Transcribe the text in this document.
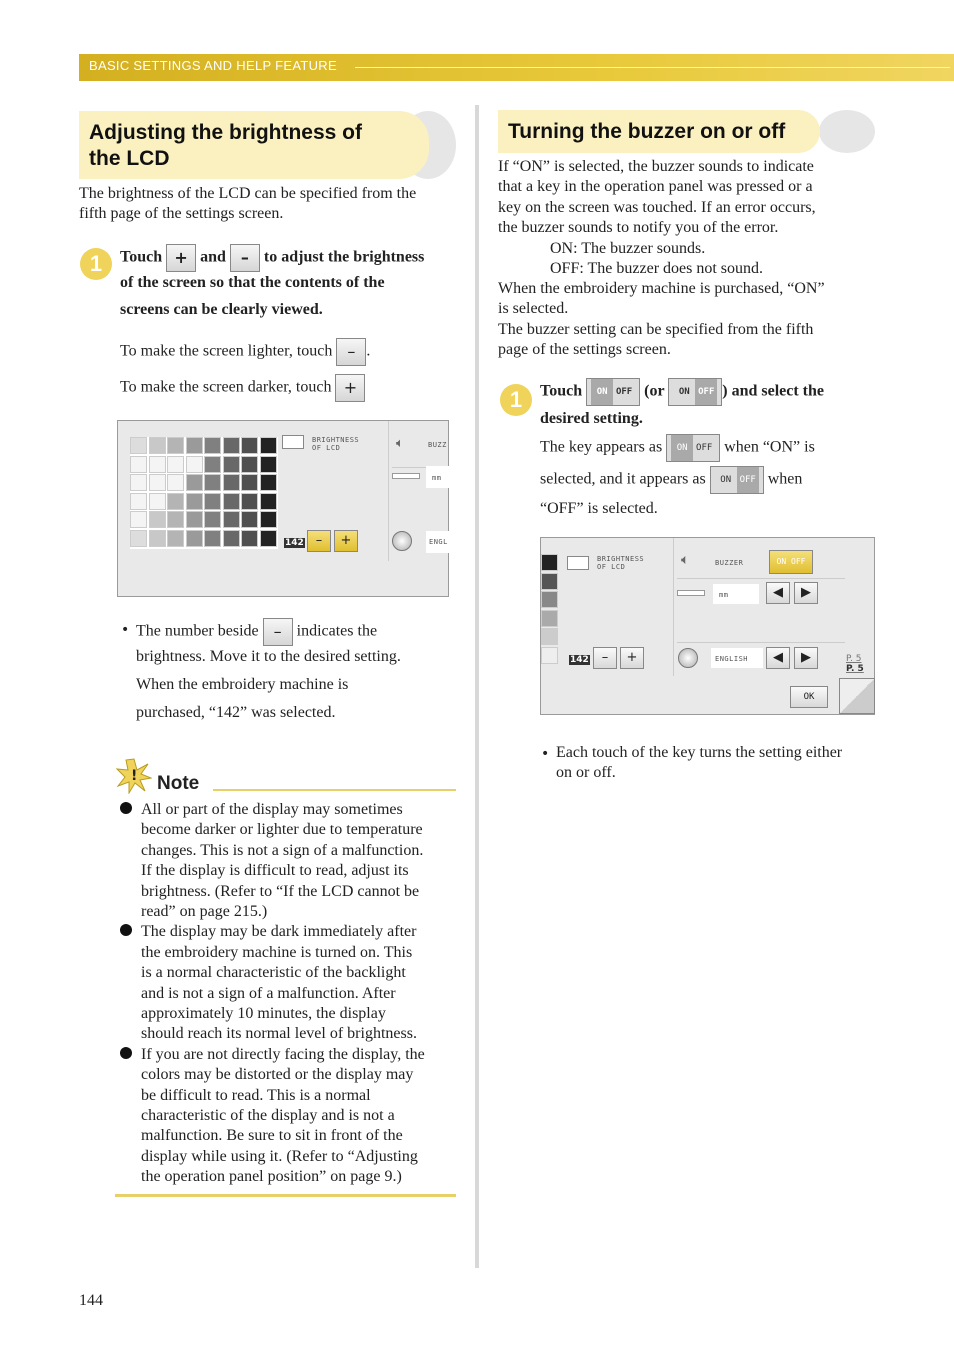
BASIC SETTINGS AND HELP FEATURE
Adjusting the brightness of
the LCD
The brightness of the LCD can be specified from the
fifth page of the settings screen.
1	Touch + and – to adjust the brightness
of the screen so that the contents of the
screens can be clearly viewed.
To make the screen lighter, touch – .
To make the screen darker, touch +
BRIGHTNESS
OF LCD	🔈︎	BUZZ
mm
142 –	+	ENGL
• The number beside – indicates the
brightness. Move it to the desired setting.
When the embroidery machine is
purchased, “142” was selected.
! Note
All or part of the display may sometimes
become darker or lighter due to temperature
changes. This is not a sign of a malfunction.
If the display is difficult to read, adjust its
brightness. (Refer to “If the LCD cannot be
read” on page 215.)
The display may be dark immediately after
the embroidery machine is turned on. This
is a normal characteristic of the backlight
and is not a sign of a malfunction. After
approximately 10 minutes, the display
should reach its normal level of brightness.
If you are not directly facing the display, the
colors may be distorted or the display may
be difficult to read. This is a normal
characteristic of the display and is not a
malfunction. Be sure to sit in front of the
display while using it. (Refer to “Adjusting
the operation panel position” on page 9.)
Turning the buzzer on or off
If “ON” is selected, the buzzer sounds to indicate
that a key in the operation panel was pressed or a
key on the screen was touched. If an error occurs,
the buzzer sounds to notify you of the error.
ON: The buzzer sounds.
OFF: The buzzer does not sound.
When the embroidery machine is purchased, “ON”
is selected.
The buzzer setting can be specified from the fifth
page of the settings screen.
1	Touch ON OFF (or ON OFF ) and select the
desired setting.
The key appears as ON OFF when “ON” is
selected, and it appears as ON OFF when
“OFF” is selected.
BRIGHTNESS
OF LCD	🔈︎	BUZZER	ON OFF
mm	◀	▶
142 –	+	ENGLISH	◀	▶	P. 5
P. 5
OK
• Each touch of the key turns the setting either
on or off.
144
